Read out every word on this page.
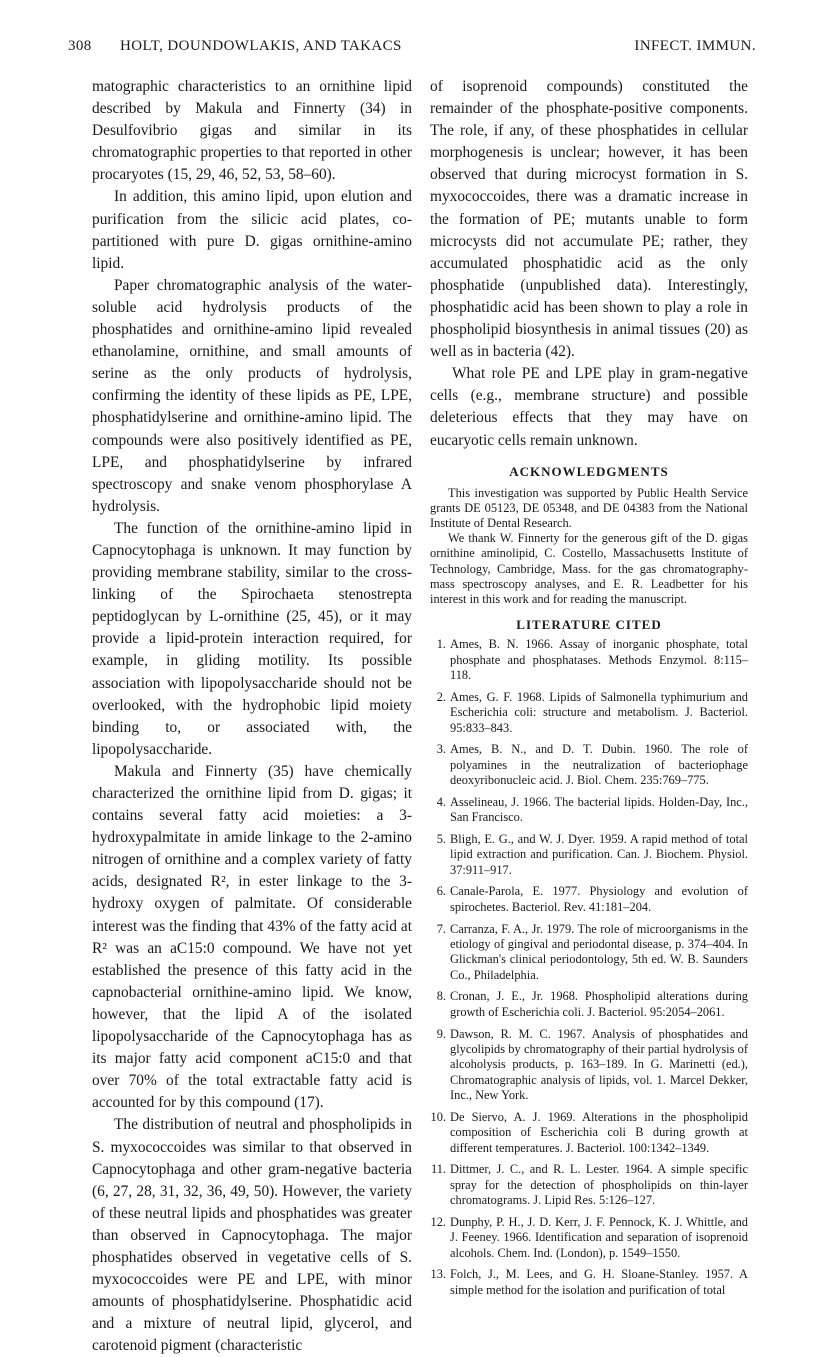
308 HOLT, DOUNDOWLAKIS, AND TAKACS	INFECT. IMMUN.

matographic characteristics to an ornithine lipid described by Makula and Finnerty (34) in Desulfovibrio gigas and similar in its chromatographic properties to that reported in other procaryotes (15, 29, 46, 52, 53, 58–60).

In addition, this amino lipid, upon elution and purification from the silicic acid plates, co-partitioned with pure D. gigas ornithine-amino lipid.

Paper chromatographic analysis of the water-soluble acid hydrolysis products of the phosphatides and ornithine-amino lipid revealed ethanolamine, ornithine, and small amounts of serine as the only products of hydrolysis, confirming the identity of these lipids as PE, LPE, phosphatidylserine and ornithine-amino lipid. The compounds were also positively identified as PE, LPE, and phosphatidylserine by infrared spectroscopy and snake venom phosphorylase A hydrolysis.

The function of the ornithine-amino lipid in Capnocytophaga is unknown. It may function by providing membrane stability, similar to the cross-linking of the Spirochaeta stenostrepta peptidoglycan by L-ornithine (25, 45), or it may provide a lipid-protein interaction required, for example, in gliding motility. Its possible association with lipopolysaccharide should not be overlooked, with the hydrophobic lipid moiety binding to, or associated with, the lipopolysaccharide.

Makula and Finnerty (35) have chemically characterized the ornithine lipid from D. gigas; it contains several fatty acid moieties: a 3-hydroxypalmitate in amide linkage to the 2-amino nitrogen of ornithine and a complex variety of fatty acids, designated R², in ester linkage to the 3-hydroxy oxygen of palmitate. Of considerable interest was the finding that 43% of the fatty acid at R² was an aC15:0 compound. We have not yet established the presence of this fatty acid in the capnobacterial ornithine-amino lipid. We know, however, that the lipid A of the isolated lipopolysaccharide of the Capnocytophaga has as its major fatty acid component aC15:0 and that over 70% of the total extractable fatty acid is accounted for by this compound (17).

The distribution of neutral and phospholipids in S. myxococcoides was similar to that observed in Capnocytophaga and other gram-negative bacteria (6, 27, 28, 31, 32, 36, 49, 50). However, the variety of these neutral lipids and phosphatides was greater than observed in Capnocytophaga. The major phosphatides observed in vegetative cells of S. myxococcoides were PE and LPE, with minor amounts of phosphatidylserine. Phosphatidic acid and a mixture of neutral lipid, glycerol, and carotenoid pigment (characteristic

of isoprenoid compounds) constituted the remainder of the phosphate-positive components. The role, if any, of these phosphatides in cellular morphogenesis is unclear; however, it has been observed that during microcyst formation in S. myxococcoides, there was a dramatic increase in the formation of PE; mutants unable to form microcysts did not accumulate PE; rather, they accumulated phosphatidic acid as the only phosphatide (unpublished data). Interestingly, phosphatidic acid has been shown to play a role in phospholipid biosynthesis in animal tissues (20) as well as in bacteria (42).

What role PE and LPE play in gram-negative cells (e.g., membrane structure) and possible deleterious effects that they may have on eucaryotic cells remain unknown.

ACKNOWLEDGMENTS

This investigation was supported by Public Health Service grants DE 05123, DE 05348, and DE 04383 from the National Institute of Dental Research.

We thank W. Finnerty for the generous gift of the D. gigas ornithine aminolipid, C. Costello, Massachusetts Institute of Technology, Cambridge, Mass. for the gas chromatography-mass spectroscopy analyses, and E. R. Leadbetter for his interest in this work and for reading the manuscript.

LITERATURE CITED
1. Ames, B. N. 1966. Assay of inorganic phosphate, total phosphate and phosphatases. Methods Enzymol. 8:115–118.
2. Ames, G. F. 1968. Lipids of Salmonella typhimurium and Escherichia coli: structure and metabolism. J. Bacteriol. 95:833–843.
3. Ames, B. N., and D. T. Dubin. 1960. The role of polyamines in the neutralization of bacteriophage deoxyribonucleic acid. J. Biol. Chem. 235:769–775.
4. Asselineau, J. 1966. The bacterial lipids. Holden-Day, Inc., San Francisco.
5. Bligh, E. G., and W. J. Dyer. 1959. A rapid method of total lipid extraction and purification. Can. J. Biochem. Physiol. 37:911–917.
6. Canale-Parola, E. 1977. Physiology and evolution of spirochetes. Bacteriol. Rev. 41:181–204.
7. Carranza, F. A., Jr. 1979. The role of microorganisms in the etiology of gingival and periodontal disease, p. 374–404. In Glickman's clinical periodontology, 5th ed. W. B. Saunders Co., Philadelphia.
8. Cronan, J. E., Jr. 1968. Phospholipid alterations during growth of Escherichia coli. J. Bacteriol. 95:2054–2061.
9. Dawson, R. M. C. 1967. Analysis of phosphatides and glycolipids by chromatography of their partial hydrolysis of alcoholysis products, p. 163–189. In G. Marinetti (ed.), Chromatographic analysis of lipids, vol. 1. Marcel Dekker, Inc., New York.
10. De Siervo, A. J. 1969. Alterations in the phospholipid composition of Escherichia coli B during growth at different temperatures. J. Bacteriol. 100:1342–1349.
11. Dittmer, J. C., and R. L. Lester. 1964. A simple specific spray for the detection of phospholipids on thin-layer chromatograms. J. Lipid Res. 5:126–127.
12. Dunphy, P. H., J. D. Kerr, J. F. Pennock, K. J. Whittle, and J. Feeney. 1966. Identification and separation of isoprenoid alcohols. Chem. Ind. (London), p. 1549–1550.
13. Folch, J., M. Lees, and G. H. Sloane-Stanley. 1957. A simple method for the isolation and purification of total
